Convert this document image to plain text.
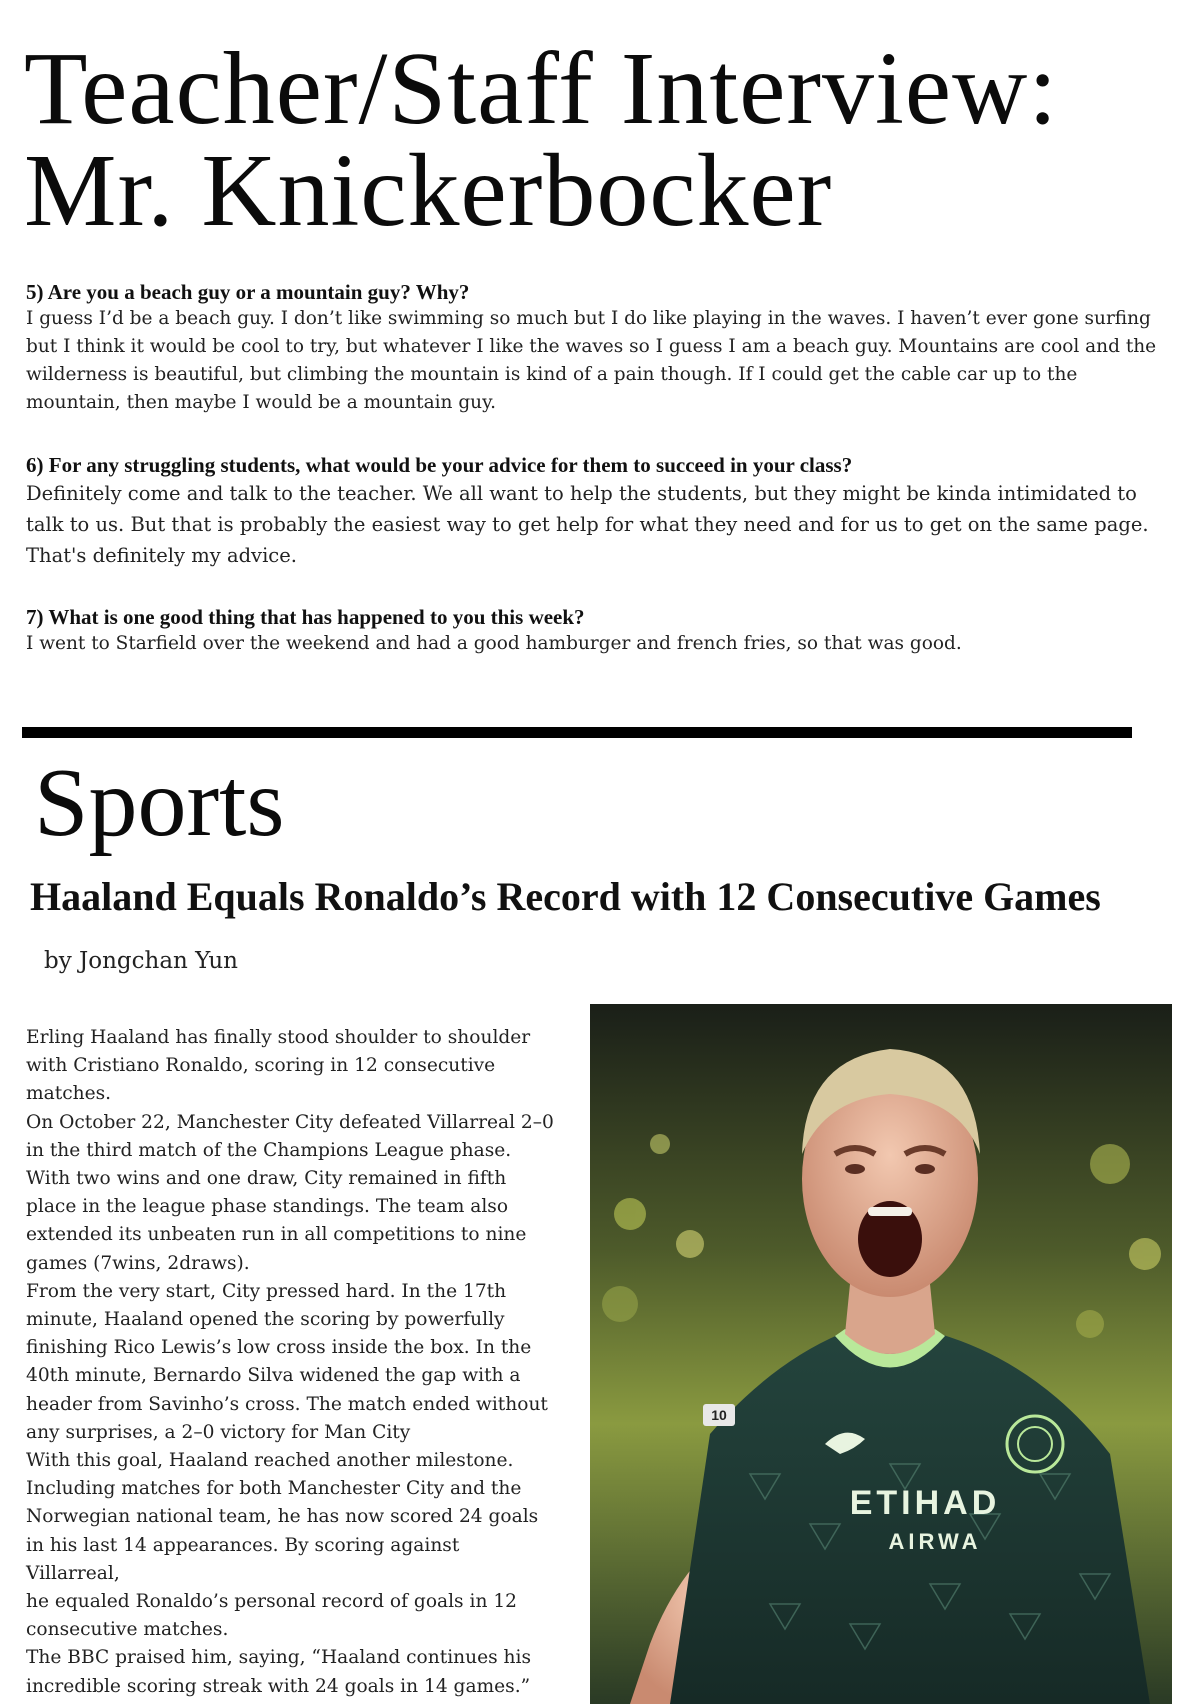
Teacher/Staff Interview:
Mr. Knickerbocker
5) Are you a beach guy or a mountain guy? Why?
I guess I’d be a beach guy. I don’t like swimming so much but I do like playing in the waves. I haven’t ever gone surfing
but I think it would be cool to try, but whatever I like the waves so I guess I am a beach guy. Mountains are cool and the
wilderness is beautiful, but climbing the mountain is kind of a pain though. If I could get the cable car up to the
mountain, then maybe I would be a mountain guy.
6) For any struggling students, what would be your advice for them to succeed in your class?
Definitely come and talk to the teacher. We all want to help the students, but they might be kinda intimidated to
talk to us. But that is probably the easiest way to get help for what they need and for us to get on the same page.
That's definitely my advice.
7) What is one good thing that has happened to you this week?
I went to Starfield over the weekend and had a good hamburger and french fries, so that was good.
Sports
Haaland Equals Ronaldo’s Record with 12 Consecutive Games
by Jongchan Yun

Erling Haaland has finally stood shoulder to shoulder

with Cristiano Ronaldo, scoring in 12 consecutive

matches.

On October 22, Manchester City defeated Villarreal 2–0

in the third match of the Champions League phase.

With two wins and one draw, City remained in fifth

place in the league phase standings. The team also

extended its unbeaten run in all competitions to nine

games (7wins, 2draws).

From the very start, City pressed hard. In the 17th

minute, Haaland opened the scoring by powerfully

finishing Rico Lewis’s low cross inside the box. In the

40th minute, Bernardo Silva widened the gap with a

header from Savinho’s cross. The match ended without

any surprises, a 2–0 victory for Man City

With this goal, Haaland reached another milestone.

Including matches for both Manchester City and the

Norwegian national team, he has now scored 24 goals

in his last 14 appearances. By scoring against Villarreal,

he equaled Ronaldo’s personal record of goals in 12

consecutive matches.

The BBC praised him, saying, “Haaland continues his

incredible scoring streak with 24 goals in 14 games.”

ETIHAD
AIRWA
10
